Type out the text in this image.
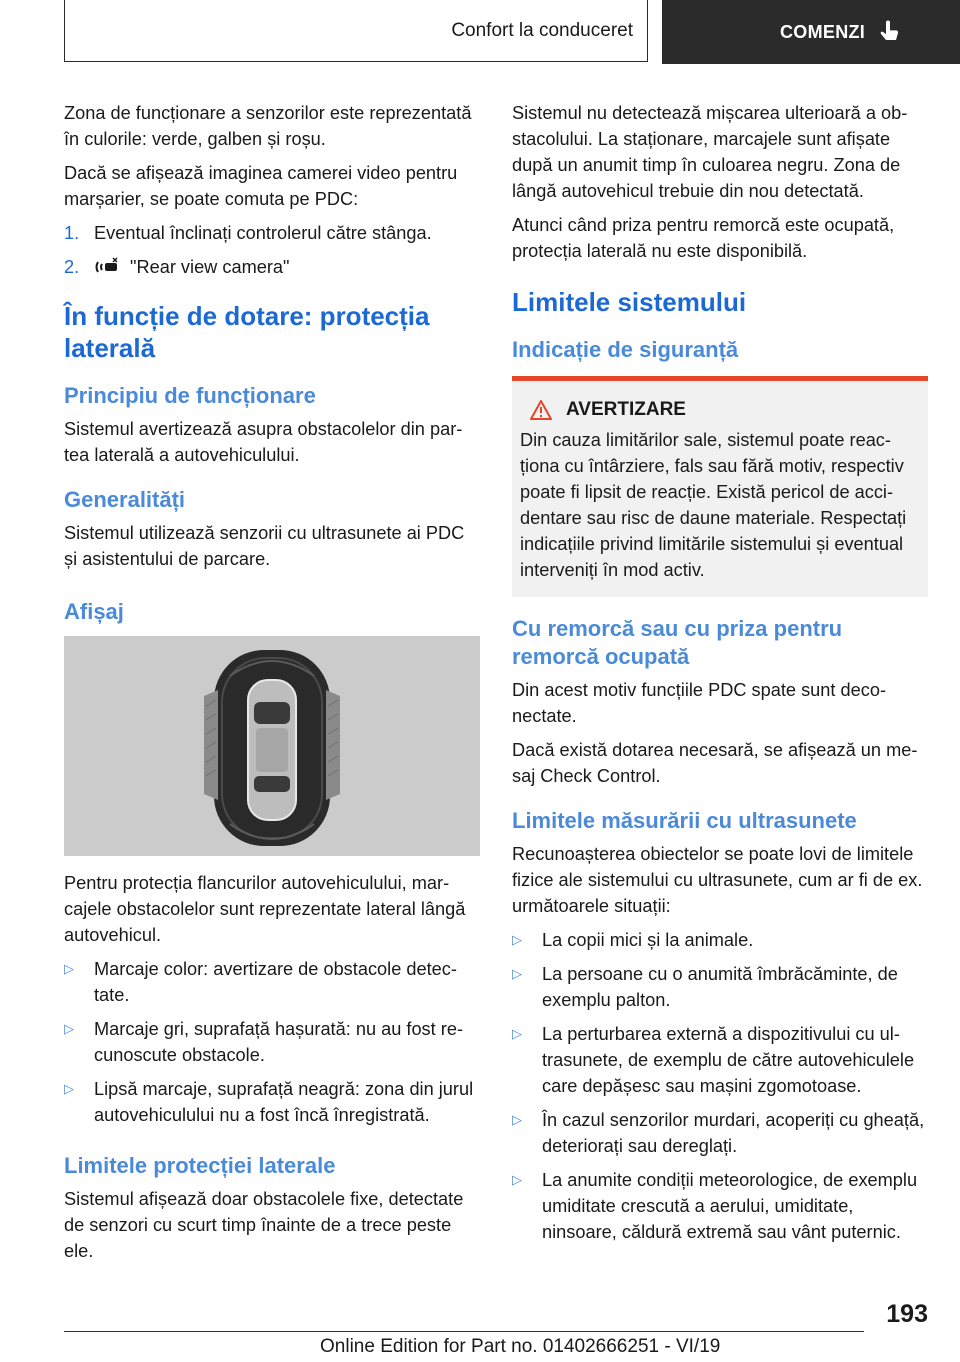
Confort la conduceret	COMENZI

Zona de funcționare a senzorilor este reprezentată în culorile: verde, galben și roșu.

Dacă se afișează imaginea camerei video pentru marșarier, se poate comuta pe PDC:

1. Eventual înclinați controlerul către stânga.
2.	"Rear view camera"
În funcție de dotare: protecția laterală
Principiu de funcționare

Sistemul avertizează asupra obstacolelor din partea laterală a autovehiculului.

Generalități

Sistemul utilizează senzorii cu ultrasunete ai PDC și asistentului de parcare.

Afișaj

Pentru protecția flancurilor autovehiculului, marcajele obstacolelor sunt reprezentate lateral lângă autovehicul.

▷	Marcaje color: avertizare de obstacole detectate.
▷	Marcaje gri, suprafață hașurată: nu au fost recunoscute obstacole.
▷	Lipsă marcaje, suprafață neagră: zona din jurul autovehiculului nu a fost încă înregistrată.
Limitele protecției laterale

Sistemul afișează doar obstacolele fixe, detectate de senzori cu scurt timp înainte de a trece peste ele.

Sistemul nu detectează mișcarea ulterioară a obstacolului. La staționare, marcajele sunt afișate după un anumit timp în culoarea negru. Zona de lângă autovehicul trebuie din nou detectată.

Atunci când priza pentru remorcă este ocupată, protecția laterală nu este disponibilă.

Limitele sistemului
Indicație de siguranță
AVERTIZARE

Din cauza limitărilor sale, sistemul poate reacționa cu întârziere, fals sau fără motiv, respectiv poate fi lipsit de reacție. Există pericol de accidentare sau risc de daune materiale. Respectați indicațiile privind limitările sistemului și eventual interveniți în mod activ.

Cu remorcă sau cu priza pentru remorcă ocupată

Din acest motiv funcțiile PDC spate sunt deconectate.

Dacă există dotarea necesară, se afișează un mesaj Check Control.

Limitele măsurării cu ultrasunete

Recunoașterea obiectelor se poate lovi de limitele fizice ale sistemului cu ultrasunete, cum ar fi de ex. următoarele situații:

▷	La copii mici și la animale.
▷	La persoane cu o anumită îmbrăcăminte, de exemplu palton.
▷	La perturbarea externă a dispozitivului cu ultrasunete, de exemplu de către autovehiculele care depășesc sau mașini zgomotoase.
▷	În cazul senzorilor murdari, acoperiți cu gheață, deteriorați sau dereglați.
▷	La anumite condiții meteorologice, de exemplu umiditate crescută a aerului, umiditate, ninsoare, căldură extremă sau vânt puternic.
193
Online Edition for Part no. 01402666251 - VI/19
